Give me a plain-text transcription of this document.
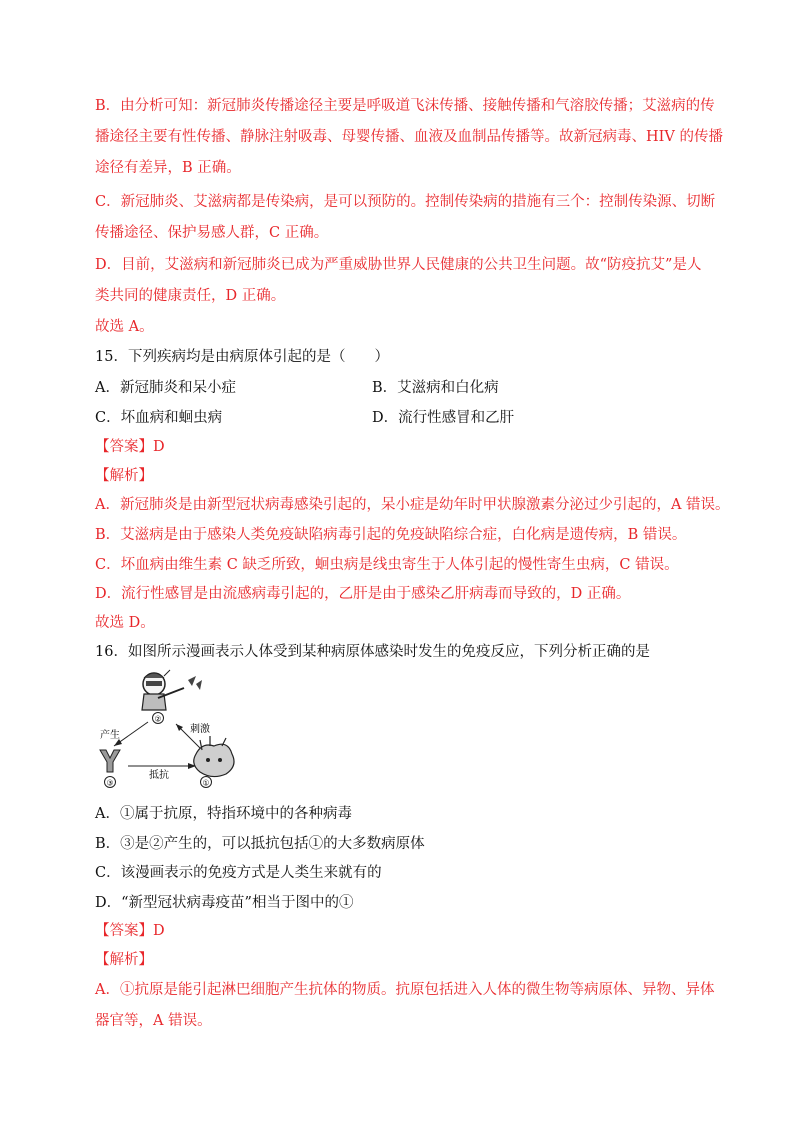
B．由分析可知：新冠肺炎传播途径主要是呼吸道飞沫传播、接触传播和气溶胶传播；艾滋病的传
播途径主要有性传播、静脉注射吸毒、母婴传播、血液及血制品传播等。故新冠病毒、HIV 的传播
途径有差异，B 正确。
C．新冠肺炎、艾滋病都是传染病，是可以预防的。控制传染病的措施有三个：控制传染源、切断
传播途径、保护易感人群，C 正确。
D．目前，艾滋病和新冠肺炎已成为严重威胁世界人民健康的公共卫生问题。故“防疫抗艾”是人
类共同的健康责任，D 正确。
故选 A。
15．下列疾病均是由病原体引起的是（　　）
A．新冠肺炎和呆小症	B．艾滋病和白化病
C．坏血病和蛔虫病	D．流行性感冒和乙肝
【答案】D
【解析】
A．新冠肺炎是由新型冠状病毒感染引起的，呆小症是幼年时甲状腺激素分泌过少引起的，A 错误。
B．艾滋病是由于感染人类免疫缺陷病毒引起的免疫缺陷综合症，白化病是遗传病，B 错误。
C．坏血病由维生素 C 缺乏所致，蛔虫病是线虫寄生于人体引起的慢性寄生虫病，C 错误。
D．流行性感冒是由流感病毒引起的，乙肝是由于感染乙肝病毒而导致的，D 正确。
故选 D。
16．如图所示漫画表示人体受到某种病原体感染时发生的免疫反应，下列分析正确的是
②
产生
刺激
抵抗
③	①
A．①属于抗原，特指环境中的各种病毒
B．③是②产生的，可以抵抗包括①的大多数病原体
C．该漫画表示的免疫方式是人类生来就有的
D．“新型冠状病毒疫苗”相当于图中的①
【答案】D
【解析】
A．①抗原是能引起淋巴细胞产生抗体的物质。抗原包括进入人体的微生物等病原体、异物、异体
器官等，A 错误。
